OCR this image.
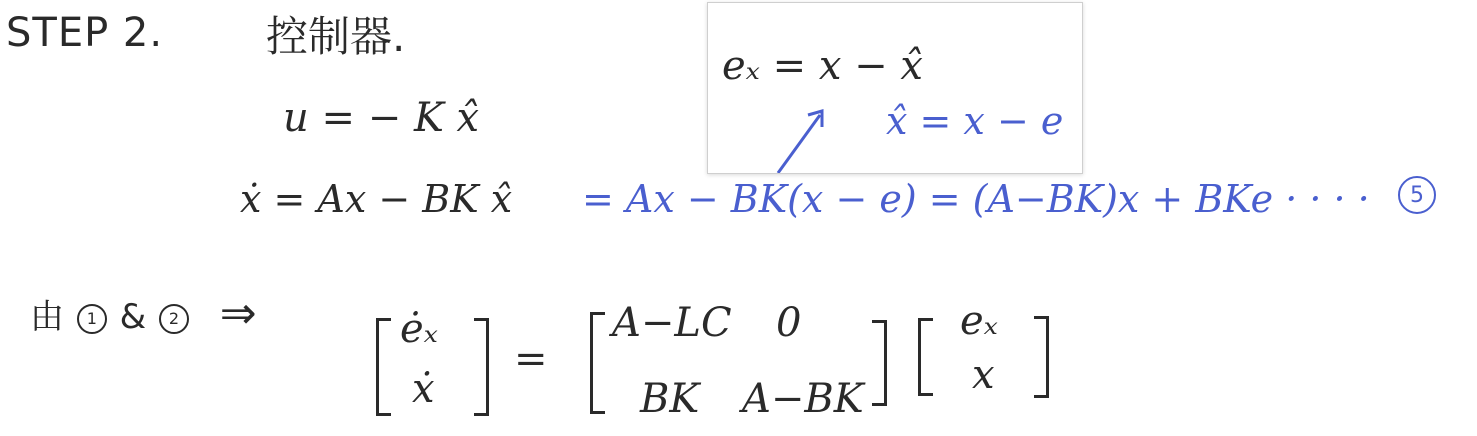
STEP 2. 控制器.
eₓ = x − x̂
x̂ = x − e
u = − K x̂
ẋ = Ax − BK x̂ = Ax − BK(x − e) = (A−BK)x + BKe · · · ·	5
由 1 & 2 ⇒	ėₓ
ẋ
=
A−LC 0
BK A−BK
eₓ
x
